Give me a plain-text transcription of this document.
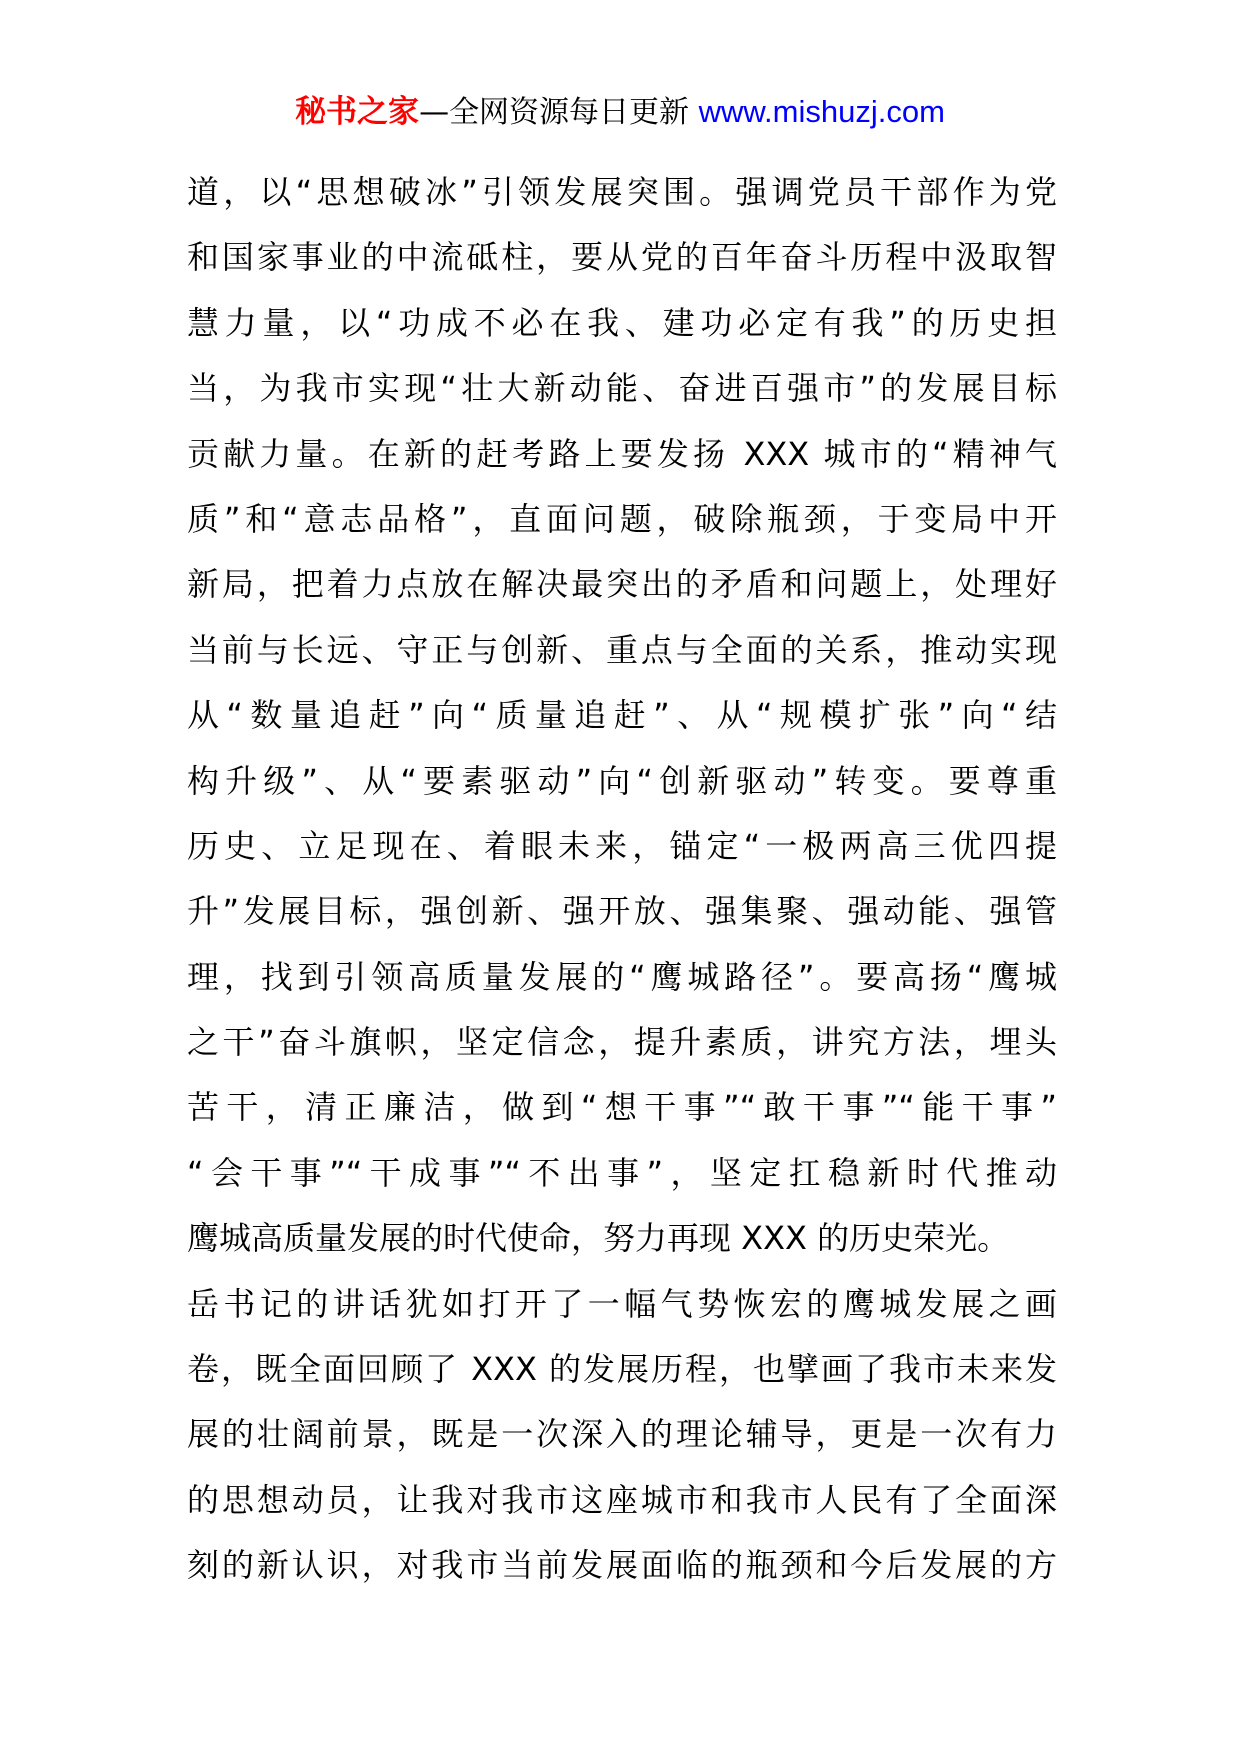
秘书之家—全网资源每日更新 www.mishuzj.com
道，以“思想破冰”引领发展突围。强调党员干部作为党
和国家事业的中流砥柱，要从党的百年奋斗历程中汲取智
慧力量，以“功成不必在我、建功必定有我”的历史担
当，为我市实现“壮大新动能、奋进百强市”的发展目标
贡献力量。在新的赶考路上要发扬 XXX 城市的“精神气
质”和“意志品格”，直面问题，破除瓶颈，于变局中开
新局，把着力点放在解决最突出的矛盾和问题上，处理好
当前与长远、守正与创新、重点与全面的关系，推动实现
从“数量追赶”向“质量追赶”、从“规模扩张”向“结
构升级”、从“要素驱动”向“创新驱动”转变。要尊重
历史、立足现在、着眼未来，锚定“一极两高三优四提
升”发展目标，强创新、强开放、强集聚、强动能、强管
理，找到引领高质量发展的“鹰城路径”。要高扬“鹰城
之干”奋斗旗帜，坚定信念，提升素质，讲究方法，埋头
苦干，清正廉洁，做到“想干事”“敢干事”“能干事”
“会干事”“干成事”“不出事”，坚定扛稳新时代推动
鹰城高质量发展的时代使命，努力再现 XXX 的历史荣光。
岳书记的讲话犹如打开了一幅气势恢宏的鹰城发展之画
卷，既全面回顾了 XXX 的发展历程，也擘画了我市未来发
展的壮阔前景，既是一次深入的理论辅导，更是一次有力
的思想动员，让我对我市这座城市和我市人民有了全面深
刻的新认识，对我市当前发展面临的瓶颈和今后发展的方
